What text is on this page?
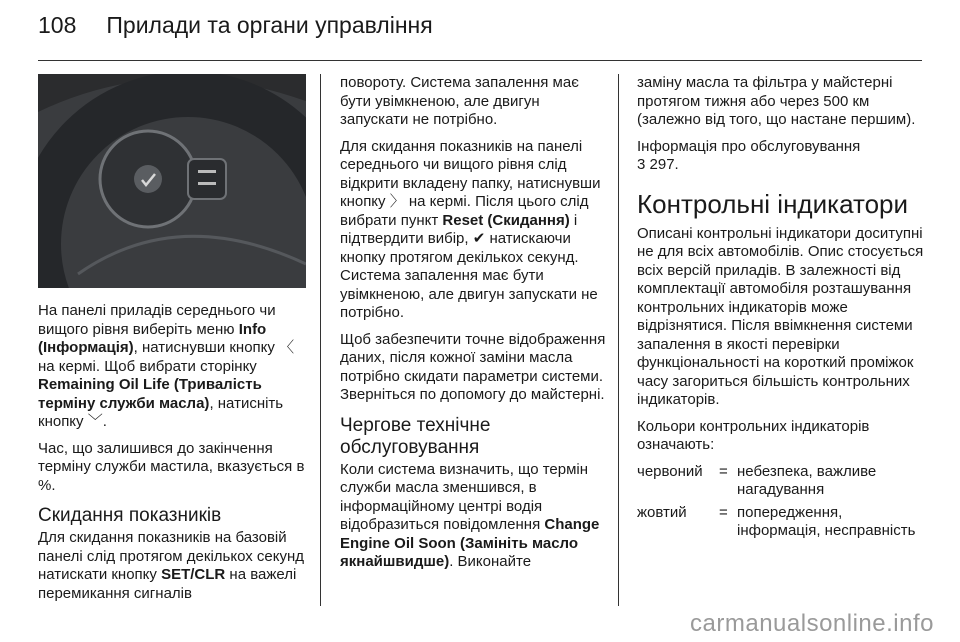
108 Прилади та органи управління

На панелі приладів середнього чи вищого рівня виберіть меню Info (Інформація), натиснувши кнопку 〈 на кермі. Щоб вибрати сторінку Remaining Oil Life (Тривалість терміну служби масла), натисніть кнопку ﹀.

Час, що залишився до закінчення терміну служби мастила, вказується в %.

Скидання показників

Для скидання показників на базовій панелі слід протягом декількох секунд натискати кнопку SET/CLR на важелі перемикання сигналів

повороту. Система запалення має бути увімкненою, але двигун запускати не потрібно.

Для скидання показників на панелі середнього чи вищого рівня слід відкрити вкладену папку, натиснувши кнопку 〉 на кермі. Після цього слід вибрати пункт Reset (Скидання) і підтвердити вибір, ✔ натискаючи кнопку протягом декількох секунд. Система запалення має бути увімкненою, але двигун запускати не потрібно.

Щоб забезпечити точне відображення даних, після кожної заміни масла потрібно скидати параметри системи. Зверніться по допомогу до майстерні.

Чергове технічне обслуговування

Коли система визначить, що термін служби масла зменшився, в інформаційному центрі водія відобразиться повідомлення Change Engine Oil Soon (Замініть масло якнайшвидше). Виконайте

заміну масла та фільтра у майстерні протягом тижня або через 500 км (залежно від того, що настане першим).

Інформація про обслуговування
3 297.

Контрольні індикатори

Описані контрольні індикатори доситупні не для всіх автомобілів. Опис стосується всіх версій приладів. В залежності від комплектації автомобіля розташування контрольних індикаторів може відрізнятися. Після ввімкнення системи запалення в якості перевірки функціональності на короткий проміжок часу загориться більшість контрольних індикаторів.

Кольори контрольних індикаторів означають:

червоний	=	небезпека, важливе нагадування
жовтий	=	попередження, інформація, несправність
carmanualsonline.info
